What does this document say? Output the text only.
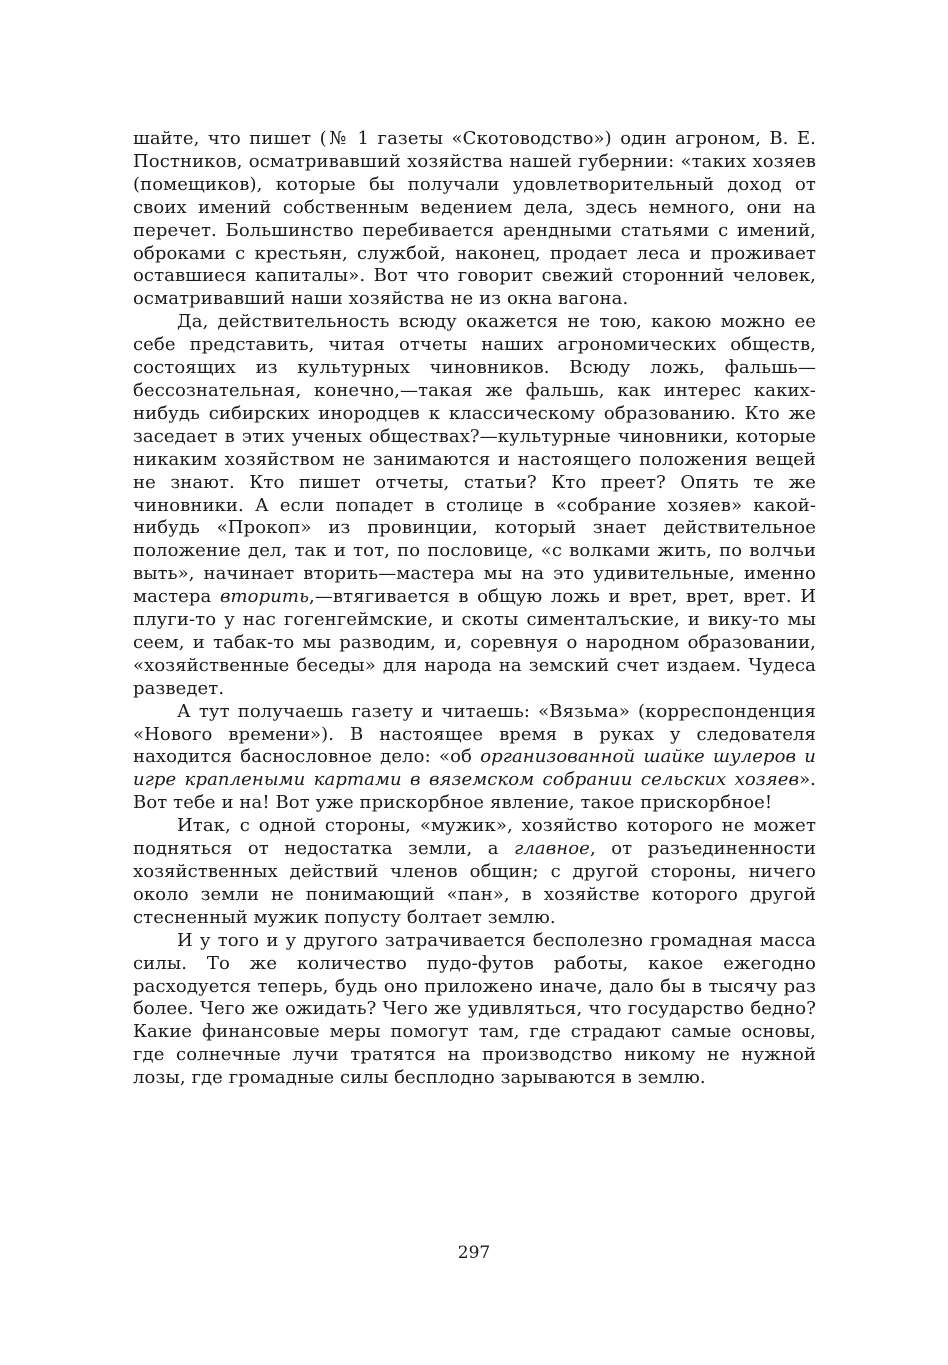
шайте, что пишет (№ 1 газеты «Скотоводство») один агроном, В. Е. Постников, осматривавший хозяйства нашей губернии: «таких хозяев (помещиков), которые бы получали удовлетворительный доход от своих имений собственным ведением дела, здесь немного, они на перечет. Большинство перебивается арендными статьями с имений, оброками с крестьян, службой, наконец, продает леса и проживает оставшиеся капиталы». Вот что говорит свежий сторонний человек, осматривавший наши хозяйства не из окна вагона.

Да, действительность всюду окажется не тою, какою можно ее себе представить, читая отчеты наших агрономических обществ, состоящих из культурных чиновников. Всюду ложь, фальшь—бессознательная, конечно,—такая же фальшь, как интерес каких-нибудь сибирских инородцев к классическому образованию. Кто же заседает в этих ученых обществах?—культурные чиновники, которые никаким хозяйством не занимаются и настоящего положения вещей не знают. Кто пишет отчеты, статьи? Кто преет? Опять те же чиновники. А если попадет в столице в «собрание хозяев» какой-нибудь «Прокоп» из провинции, который знает действительное положение дел, так и тот, по пословице, «с волками жить, по волчьи выть», начинает вторить—мастера мы на это удивительные, именно мастера вторить,—втягивается в общую ложь и врет, врет, врет. И плуги-то у нас гогенгеймские, и скоты сименталъские, и вику-то мы сеем, и табак-то мы разводим, и, соревнуя о народном образовании, «хозяйственные беседы» для народа на земский счет издаем. Чудеса разведет.

А тут получаешь газету и читаешь: «Вязьма» (корреспонденция «Нового времени»). В настоящее время в руках у следователя находится баснословное дело: «об организованной шайке шулеров и игре краплеными картами в вяземском собрании сельских хозяев». Вот тебе и на! Вот уже прискорбное явление, такое прискорбное!

Итак, с одной стороны, «мужик», хозяйство которого не может подняться от недостатка земли, а главное, от разъединенности хозяйственных действий членов общин; с другой стороны, ничего около земли не понимающий «пан», в хозяйстве которого другой стесненный мужик попусту болтает землю.

И у того и у другого затрачивается бесполезно громадная масса силы. То же количество пудо-футов работы, какое ежегодно расходуется теперь, будь оно приложено иначе, дало бы в тысячу раз более. Чего же ожидать? Чего же удивляться, что государство бедно? Какие финансовые меры помогут там, где страдают самые основы, где солнечные лучи тратятся на производство никому не нужной лозы, где громадные силы бесплодно зарываются в землю.

297
